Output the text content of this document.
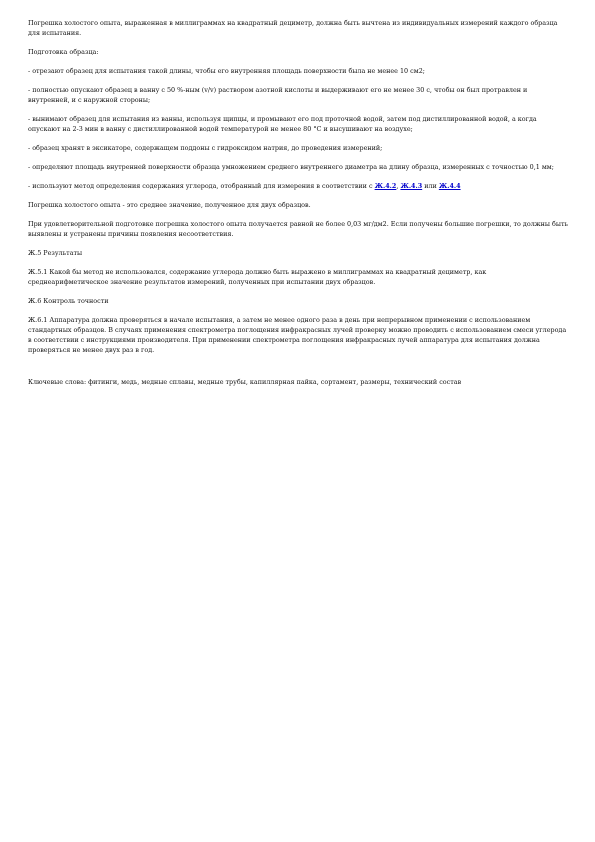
Погрешка холостого опыта, выраженная в миллиграммах на квадратный дециметр, должна быть вычтена из индивидуальных измерений каждого образца для испытания.

Подготовка образца:

- отрезают образец для испытания такой длины, чтобы его внутренняя площадь поверхности была не менее 10 см2;

- полностью опускают образец в ванну с 50 %-ным (v/v) раствором азотной кислоты и выдерживают его не менее 30 с, чтобы он был протравлен и внутренней, и с наружной стороны;

- вынимают образец для испытания из ванны, используя щипцы, и промывают его под проточной водой, затем под дистиллированной водой, а когда опускают на 2-3 мин в ванну с дистиллированной водой температурой не менее 80 °С и высушивают на воздухе;

- образец хранят в эксикаторе, содержащем поддоны с гидроксидом натрия, до проведения измерений;

- определяют площадь внутренней поверхности образца умножением среднего внутреннего диаметра на длину образца, измеренных с точностью 0,1 мм;

- используют метод определения содержания углерода, отобранный для измерения в соответствии с Ж.4.2, Ж.4.3 или Ж.4.4

Погрешка холостого опыта - это среднее значение, полученное для двух образцов.

При удовлетворительной подготовке погрешка холостого опыта получается равной не более 0,03 мг/дм2. Если получены большие погрешки, то должны быть выявлены и устранены причины появления несоответствия.

Ж.5 Результаты

Ж.5.1 Какой бы метод не использовался, содержание углерода должно быть выражено в миллиграммах на квадратный дециметр, как среднеарифметическое значение результатов измерений, полученных при испытании двух образцов.

Ж.6 Контроль точности

Ж.6.1 Аппаратура должна проверяться в начале испытания, а затем не менее одного раза в день при непрерывном применении с использованием стандартных образцов. В случаях применения спектрометра поглощения инфракрасных лучей проверку можно проводить с использованием смеси углерода в соответствии с инструкциями производителя. При применении спектрометра поглощения инфракрасных лучей аппаратура для испытания должна проверяться не менее двух раз в год.

Ключевые слова: фитинги, медь, медные сплавы, медные трубы, капиллярная пайка, сортамент, размеры, технический состав
